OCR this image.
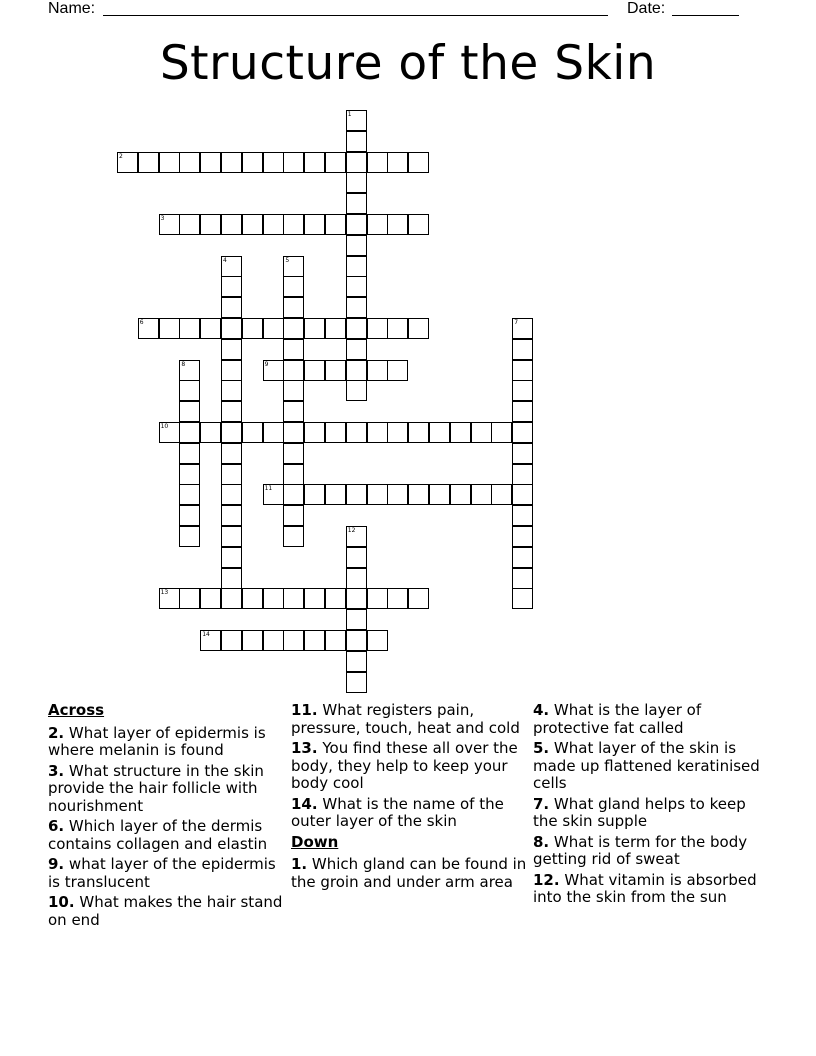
Name:	Date:
Structure of the Skin
1
2
3
4	5
6	7
8	9
10
11
12
13
14
Across
2. What layer of epidermis is where melanin is found
3. What structure in the skin provide the hair follicle with nourishment
6. Which layer of the dermis contains collagen and elastin
9. what layer of the epidermis is translucent
10. What makes the hair stand on end
11. What registers pain, pressure, touch, heat and cold
13. You find these all over the body, they help to keep your body cool
14. What is the name of the outer layer of the skin
Down
1. Which gland can be found in the groin and under arm area
4. What is the layer of protective fat called
5. What layer of the skin is made up flattened keratinised cells
7. What gland helps to keep the skin supple
8. What is term for the body getting rid of sweat
12. What vitamin is absorbed into the skin from the sun
